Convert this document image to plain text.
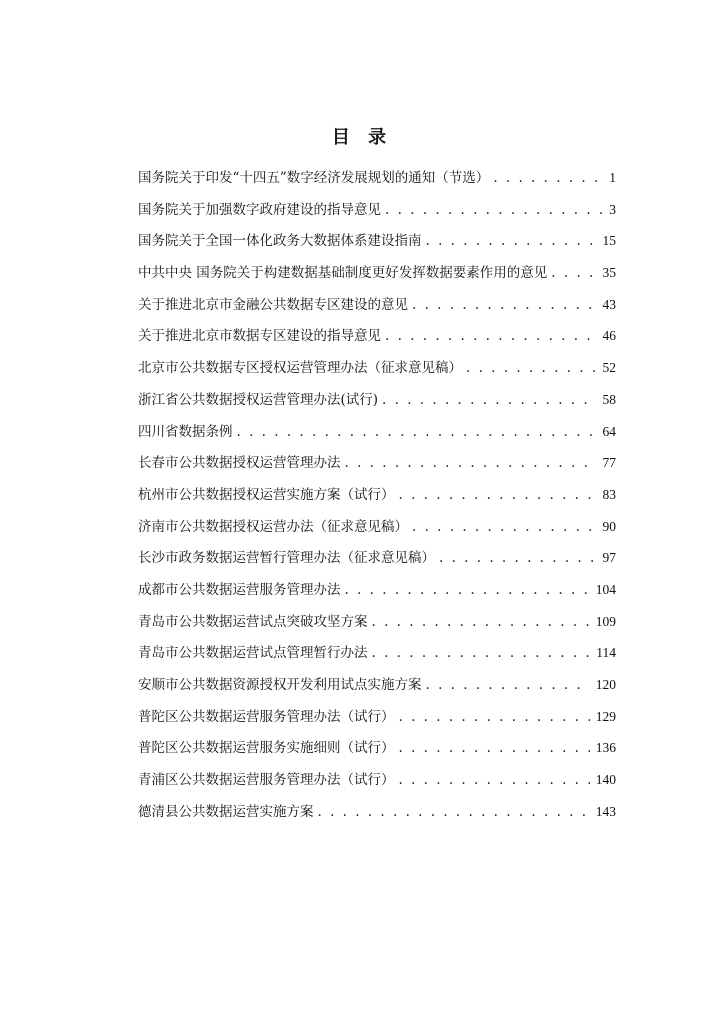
目 录
国务院关于印发“十四五”数字经济发展规划的通知（节选） . . .	1
国务院关于加强数字政府建设的指导意见 . . .	3
国务院关于全国一体化政务大数据体系建设指南 . . .	15
中共中央 国务院关于构建数据基础制度更好发挥数据要素作用的意见 . . .	35
关于推进北京市金融公共数据专区建设的意见 . . .	43
关于推进北京市数据专区建设的指导意见 . . .	46
北京市公共数据专区授权运营管理办法（征求意见稿） . . .	52
浙江省公共数据授权运营管理办法(试行) . . .	58
四川省数据条例 . . .	64
长春市公共数据授权运营管理办法 . . .	77
杭州市公共数据授权运营实施方案（试行） . . .	83
济南市公共数据授权运营办法（征求意见稿） . . .	90
长沙市政务数据运营暂行管理办法（征求意见稿） . . .	97
成都市公共数据运营服务管理办法 . . .	104
青岛市公共数据运营试点突破攻坚方案 . . .	109
青岛市公共数据运营试点管理暂行办法 . . .	114
安顺市公共数据资源授权开发利用试点实施方案 . . .	120
普陀区公共数据运营服务管理办法（试行） . . .	129
普陀区公共数据运营服务实施细则（试行） . . .	136
青浦区公共数据运营服务管理办法（试行） . . .	140
德清县公共数据运营实施方案 . . .	143
